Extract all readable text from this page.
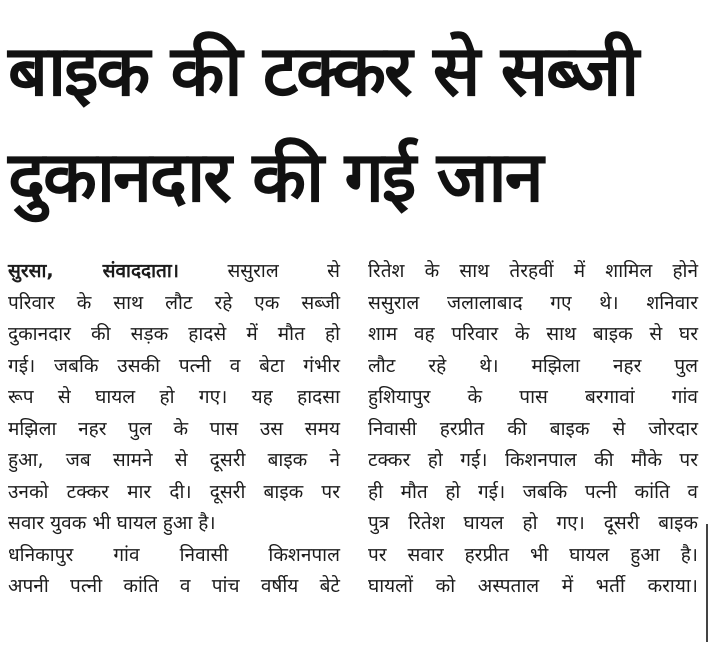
बाइक की टक्कर से सब्जी
दुकानदार की गई जान
सुरसा, संवाददाता।	ससुराल से
परिवार के साथ लौट रहे एक सब्जी
दुकानदार की सड़क हादसे में मौत हो
गई। जबकि उसकी पत्नी व बेटा गंभीर
रूप से घायल हो गए। यह हादसा
मझिला नहर पुल के पास उस समय
हुआ, जब सामने से दूसरी बाइक ने
उनको टक्कर मार दी। दूसरी बाइक पर
सवार युवक भी घायल हुआ है।
धनिकापुर गांव निवासी किशनपाल
अपनी पत्नी कांति व पांच वर्षीय बेटे
रितेश के साथ तेरहवीं में शामिल होने
ससुराल जलालाबाद गए थे। शनिवार
शाम वह परिवार के साथ बाइक से घर
लौट रहे थे। मझिला नहर पुल
हुशियापुर के पास बरगावां गांव
निवासी हरप्रीत की बाइक से जोरदार
टक्कर हो गई। किशनपाल की मौके पर
ही मौत हो गई। जबकि पत्नी कांति व
पुत्र रितेश घायल हो गए। दूसरी बाइक
पर सवार हरप्रीत भी घायल हुआ है।
घायलों को अस्पताल में भर्ती कराया।
